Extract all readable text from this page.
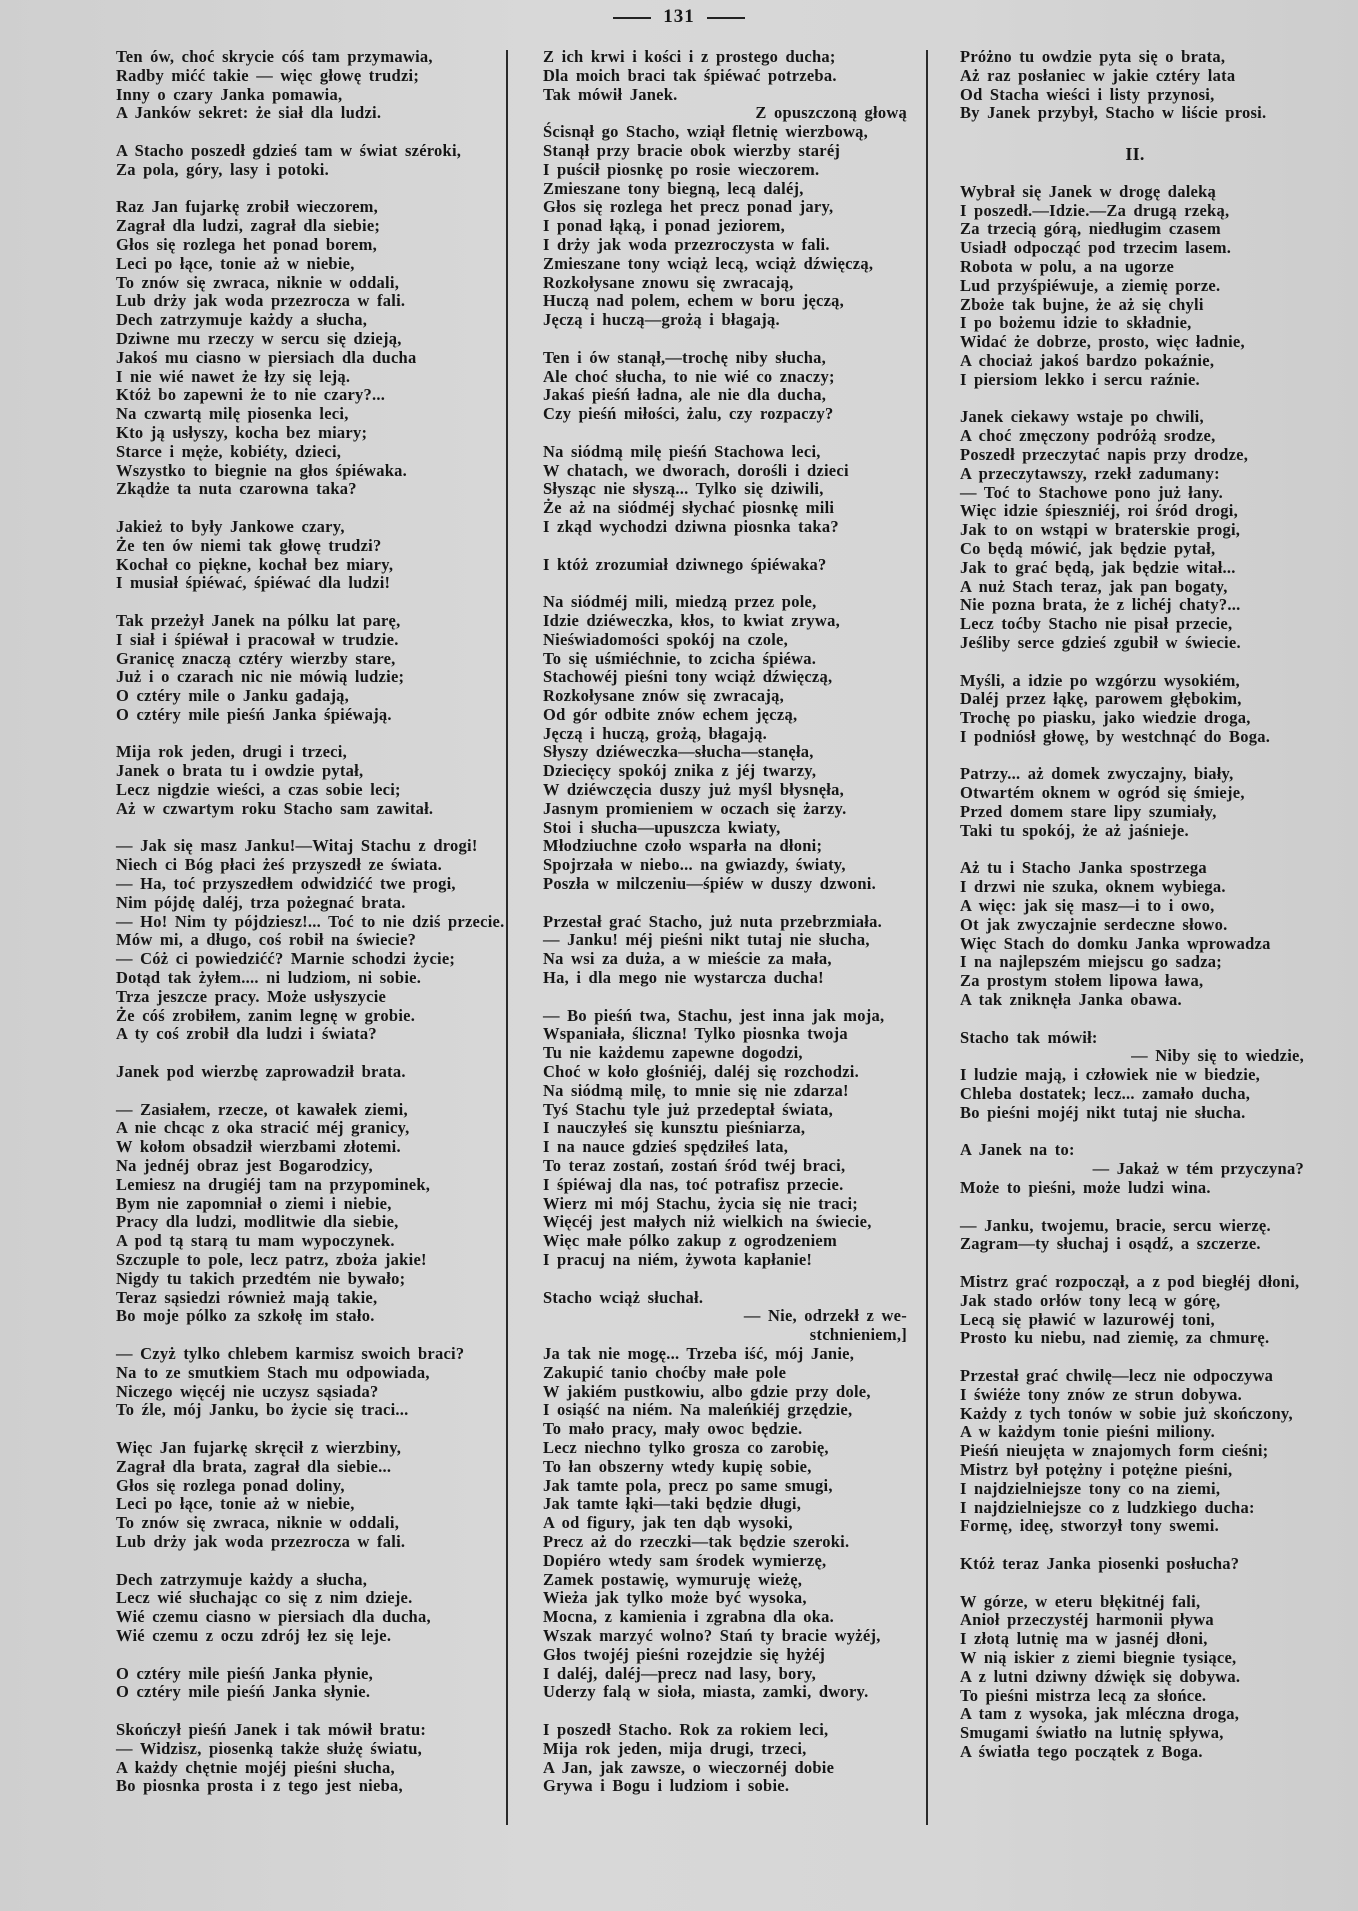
131
Ten ów, choć skrycie cóś tam przymawia,
Radby mićć takie — więc głowę trudzi;
Inny o czary Janka pomawia,
A Janków sekret: że siał dla ludzi.
A Stacho poszedł gdzieś tam w świat széroki,
Za pola, góry, lasy i potoki.
Raz Jan fujarkę zrobił wieczorem,
Zagrał dla ludzi, zagrał dla siebie;
Głos się rozlega het ponad borem,
Leci po łące, tonie aż w niebie,
To znów się zwraca, niknie w oddali,
Lub drży jak woda przezrocza w fali.
Dech zatrzymuje każdy a słucha,
Dziwne mu rzeczy w sercu się dzieją,
Jakoś mu ciasno w piersiach dla ducha
I nie wié nawet że łzy się leją.
Któż bo zapewni że to nie czary?...
Na czwartą milę piosenka leci,
Kto ją usłyszy, kocha bez miary;
Starce i męże, kobiéty, dzieci,
Wszystko to biegnie na głos śpiéwaka.
Zkądże ta nuta czarowna taka?
Jakież to były Jankowe czary,
Że ten ów niemi tak głowę trudzi?
Kochał co piękne, kochał bez miary,
I musiał śpiéwać, śpiéwać dla ludzi!
Tak przeżył Janek na pólku lat parę,
I siał i śpiéwał i pracował w trudzie.
Granicę znaczą cztéry wierzby stare,
Już i o czarach nic nie mówią ludzie;
O cztéry mile o Janku gadają,
O cztéry mile pieśń Janka śpiéwają.
Mija rok jeden, drugi i trzeci,
Janek o brata tu i owdzie pytał,
Lecz nigdzie wieści, a czas sobie leci;
Aż w czwartym roku Stacho sam zawitał.
— Jak się masz Janku!—Witaj Stachu z drogi!
Niech ci Bóg płaci żeś przyszedł ze świata.
— Ha, toć przyszedłem odwidzićć twe progi,
Nim pójdę daléj, trza pożegnać brata.
— Ho! Nim ty pójdziesz!... Toć to nie dziś przecie.
Mów mi, a długo, coś robił na świecie?
— Cóż ci powiedzićć? Marnie schodzi życie;
Dotąd tak żyłem.... ni ludziom, ni sobie.
Trza jeszcze pracy. Może usłyszycie
Że cóś zrobiłem, zanim legnę w grobie.
A ty coś zrobił dla ludzi i świata?
Janek pod wierzbę zaprowadził brata.
— Zasiałem, rzecze, ot kawałek ziemi,
A nie chcąc z oka stracić méj granicy,
W kołom obsadził wierzbami złotemi.
Na jednéj obraz jest Bogarodzicy,
Lemiesz na drugiéj tam na przypominek,
Bym nie zapomniał o ziemi i niebie,
Pracy dla ludzi, modlitwie dla siebie,
A pod tą starą tu mam wypoczynek.
Szczuple to pole, lecz patrz, zboża jakie!
Nigdy tu takich przedtém nie bywało;
Teraz sąsiedzi również mają takie,
Bo moje pólko za szkołę im stało.
— Czyż tylko chlebem karmisz swoich braci?
Na to ze smutkiem Stach mu odpowiada,
Niczego więcéj nie uczysz sąsiada?
To źle, mój Janku, bo życie się traci...
Więc Jan fujarkę skręcił z wierzbiny,
Zagrał dla brata, zagrał dla siebie...
Głos się rozlega ponad doliny,
Leci po łące, tonie aż w niebie,
To znów się zwraca, niknie w oddali,
Lub drży jak woda przezrocza w fali.
Dech zatrzymuje każdy a słucha,
Lecz wié słuchając co się z nim dzieje.
Wié czemu ciasno w piersiach dla ducha,
Wié czemu z oczu zdrój łez się leje.
O cztéry mile pieśń Janka płynie,
O cztéry mile pieśń Janka słynie.
Skończył pieśń Janek i tak mówił bratu:
— Widzisz, piosenką także służę światu,
A każdy chętnie mojéj pieśni słucha,
Bo piosnka prosta i z tego jest nieba,
Z ich krwi i kości i z prostego ducha;
Dla moich braci tak śpiéwać potrzeba.
Tak mówił Janek.
Z opuszczoną głową
Ścisnął go Stacho, wziął fletnię wierzbową,
Stanął przy bracie obok wierzby staréj
I puścił piosnkę po rosie wieczorem.
Zmieszane tony biegną, lecą daléj,
Głos się rozlega het precz ponad jary,
I ponad łąką, i ponad jeziorem,
I drży jak woda przezroczysta w fali.
Zmieszane tony wciąż lecą, wciąż dźwięczą,
Rozkołysane znowu się zwracają,
Huczą nad polem, echem w boru jęczą,
Jęczą i huczą—grożą i błagają.
Ten i ów stanął,—trochę niby słucha,
Ale choć słucha, to nie wié co znaczy;
Jakaś pieśń ładna, ale nie dla ducha,
Czy pieśń miłości, żalu, czy rozpaczy?
Na siódmą milę pieśń Stachowa leci,
W chatach, we dworach, dorośli i dzieci
Słysząc nie słyszą... Tylko się dziwili,
Że aż na siódméj słychać piosnkę mili
I zkąd wychodzi dziwna piosnka taka?
I któż zrozumiał dziwnego śpiéwaka?
Na siódméj mili, miedzą przez pole,
Idzie dziéweczka, kłos, to kwiat zrywa,
Nieświadomości spokój na czole,
To się uśmiéchnie, to zcicha śpiéwa.
Stachowéj pieśni tony wciąż dźwięczą,
Rozkołysane znów się zwracają,
Od gór odbite znów echem jęczą,
Jęczą i huczą, grożą, błagają.
Słyszy dziéweczka—słucha—stanęła,
Dziecięcy spokój znika z jéj twarzy,
W dziéwczęcia duszy już myśl błysnęła,
Jasnym promieniem w oczach się żarzy.
Stoi i słucha—upuszcza kwiaty,
Młodziuchne czoło wsparła na dłoni;
Spojrzała w niebo... na gwiazdy, światy,
Poszła w milczeniu—śpiéw w duszy dzwoni.
Przestał grać Stacho, już nuta przebrzmiała.
— Janku! méj pieśni nikt tutaj nie słucha,
Na wsi za duża, a w mieście za mała,
Ha, i dla mego nie wystarcza ducha!
— Bo pieśń twa, Stachu, jest inna jak moja,
Wspaniała, śliczna! Tylko piosnka twoja
Tu nie każdemu zapewne dogodzi,
Choć w koło głośniéj, daléj się rozchodzi.
Na siódmą milę, to mnie się nie zdarza!
Tyś Stachu tyle już przedeptał świata,
I nauczyłeś się kunsztu pieśniarza,
I na nauce gdzieś spędziłeś lata,
To teraz zostań, zostań śród twéj braci,
I śpiéwaj dla nas, toć potrafisz przecie.
Wierz mi mój Stachu, życia się nie traci;
Więcéj jest małych niż wielkich na świecie,
Więc małe pólko zakup z ogrodzeniem
I pracuj na niém, żywota kapłanie!
Stacho wciąż słuchał.
— Nie, odrzekł z we-
stchnieniem,]
Ja tak nie mogę... Trzeba iść, mój Janie,
Zakupić tanio choćby małe pole
W jakiém pustkowiu, albo gdzie przy dole,
I osiąść na niém. Na maleńkiéj grzędzie,
To mało pracy, mały owoc będzie.
Lecz niechno tylko grosza co zarobię,
To łan obszerny wtedy kupię sobie,
Jak tamte pola, precz po same smugi,
Jak tamte łąki—taki będzie długi,
A od figury, jak ten dąb wysoki,
Precz aż do rzeczki—tak będzie szeroki.
Dopiéro wtedy sam środek wymierzę,
Zamek postawię, wymuruję wieżę,
Wieża jak tylko może być wysoka,
Mocna, z kamienia i zgrabna dla oka.
Wszak marzyć wolno? Stań ty bracie wyżéj,
Głos twojéj pieśni rozejdzie się hyżéj
I daléj, daléj—precz nad lasy, bory,
Uderzy falą w sioła, miasta, zamki, dwory.
I poszedł Stacho. Rok za rokiem leci,
Mija rok jeden, mija drugi, trzeci,
A Jan, jak zawsze, o wieczornéj dobie
Grywa i Bogu i ludziom i sobie.
Próżno tu owdzie pyta się o brata,
Aż raz posłaniec w jakie cztéry lata
Od Stacha wieści i listy przynosi,
By Janek przybył, Stacho w liście prosi.
II.
Wybrał się Janek w drogę daleką
I poszedł.—Idzie.—Za drugą rzeką,
Za trzecią górą, niedługim czasem
Usiadł odpocząć pod trzecim lasem.
Robota w polu, a na ugorze
Lud przyśpiéwuje, a ziemię porze.
Zboże tak bujne, że aż się chyli
I po bożemu idzie to składnie,
Widać że dobrze, prosto, więc ładnie,
A chociaż jakoś bardzo pokaźnie,
I piersiom lekko i sercu raźnie.
Janek ciekawy wstaje po chwili,
A choć zmęczony podróżą srodze,
Poszedł przeczytać napis przy drodze,
A przeczytawszy, rzekł zadumany:
— Toć to Stachowe pono już łany.
Więc idzie śpieszniéj, roi śród drogi,
Jak to on wstąpi w braterskie progi,
Co będą mówić, jak będzie pytał,
Jak to grać będą, jak będzie witał...
A nuż Stach teraz, jak pan bogaty,
Nie pozna brata, że z lichéj chaty?...
Lecz toćby Stacho nie pisał przecie,
Jeśliby serce gdzieś zgubił w świecie.
Myśli, a idzie po wzgórzu wysokiém,
Daléj przez łąkę, parowem głębokim,
Trochę po piasku, jako wiedzie droga,
I podniósł głowę, by westchnąć do Boga.
Patrzy... aż domek zwyczajny, biały,
Otwartém oknem w ogród się śmieje,
Przed domem stare lipy szumiały,
Taki tu spokój, że aż jaśnieje.
Aż tu i Stacho Janka spostrzega
I drzwi nie szuka, oknem wybiega.
A więc: jak się masz—i to i owo,
Ot jak zwyczajnie serdeczne słowo.
Więc Stach do domku Janka wprowadza
I na najlepszém miejscu go sadza;
Za prostym stołem lipowa ława,
A tak zniknęła Janka obawa.
Stacho tak mówił:
— Niby się to wiedzie,
I ludzie mają, i człowiek nie w biedzie,
Chleba dostatek; lecz... zamało ducha,
Bo pieśni mojéj nikt tutaj nie słucha.
A Janek na to:
— Jakaż w tém przyczyna?
Może to pieśni, może ludzi wina.
— Janku, twojemu, bracie, sercu wierzę.
Zagram—ty słuchaj i osądź, a szczerze.
Mistrz grać rozpoczął, a z pod biegłéj dłoni,
Jak stado orłów tony lecą w górę,
Lecą się pławić w lazurowéj toni,
Prosto ku niebu, nad ziemię, za chmurę.
Przestał grać chwilę—lecz nie odpoczywa
I świéże tony znów ze strun dobywa.
Każdy z tych tonów w sobie już skończony,
A w każdym tonie pieśni miliony.
Pieśń nieujęta w znajomych form cieśni;
Mistrz był potężny i potężne pieśni,
I najdzielniejsze tony co na ziemi,
I najdzielniejsze co z ludzkiego ducha:
Formę, ideę, stworzył tony swemi.
Któż teraz Janka piosenki posłucha?
W górze, w eteru błękitnéj fali,
Anioł przeczystéj harmonii pływa
I złotą lutnię ma w jasnéj dłoni,
W nią iskier z ziemi biegnie tysiące,
A z lutni dziwny dźwięk się dobywa.
To pieśni mistrza lecą za słońce.
A tam z wysoka, jak mléczna droga,
Smugami światło na lutnię spływa,
A światła tego początek z Boga.
